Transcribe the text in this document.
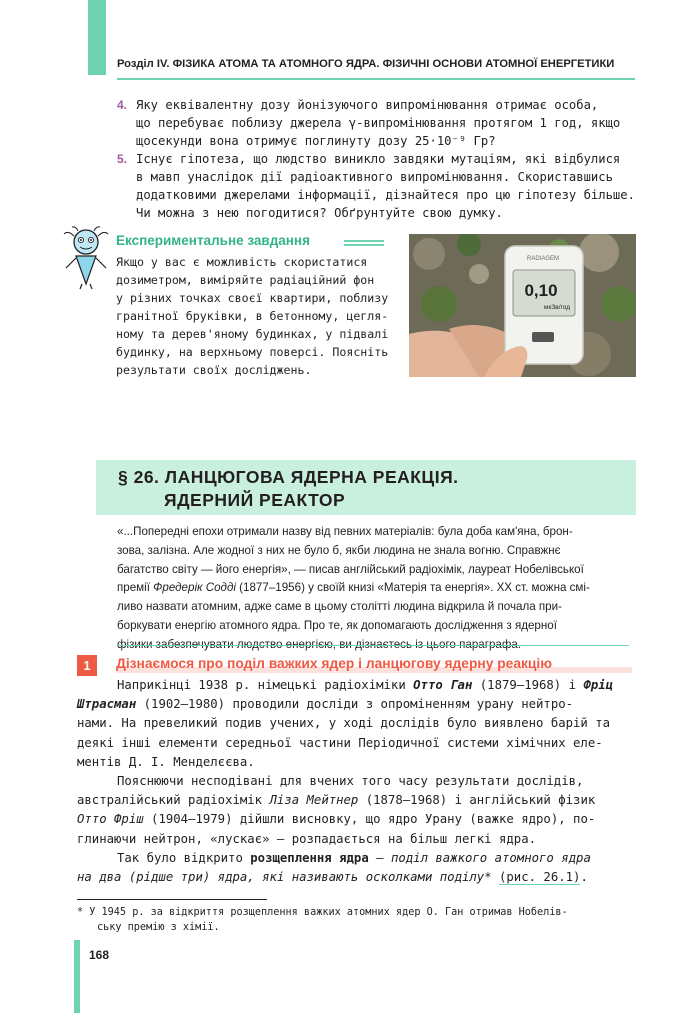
Розділ IV. ФІЗИКА АТОМА ТА АТОМНОГО ЯДРА. ФІЗИЧНІ ОСНОВИ АТОМНОЇ ЕНЕРГЕТИКИ
4. Яку еквівалентну дозу йонізуючого випромінювання отримає особа,
що перебуває поблизу джерела γ-випромінювання протягом 1 год, якщо
щосекунди вона отримує поглинуту дозу 25·10⁻⁹ Гр?
5. Існує гіпотеза, що людство виникло завдяки мутаціям, які відбулися
в мавп унаслідок дії радіоактивного випромінювання. Скориставшись
додатковими джерелами інформації, дізнайтеся про цю гіпотезу більше.
Чи можна з нею погодитися? Обґрунтуйте свою думку.
Експериментальне завдання
Якщо у вас є можливість скористатися
дозиметром, виміряйте радіаційний фон
у різних точках своєї квартири, поблизу
гранітної бруківки, в бетонному, цегля-
ному та дерев'яному будинках, у підвалі
будинку, на верхньому поверсі. Поясніть
результати своїх досліджень.
RADIAGEM
0,10
мкЗв/год
§ 26. ЛАНЦЮГОВА ЯДЕРНА РЕАКЦІЯ.
ЯДЕРНИЙ РЕАКТОР
«...Попередні епохи отримали назву від певних матеріалів: була доба кам'яна, брон-
зова, залізна. Але жодної з них не було б, якби людина не знала вогню. Справжнє
багатство світу — його енергія», — писав англійський радіохімік, лауреат Нобелівської
премії Фредерік Содді (1877–1956) у своїй книзі «Матерія та енергія». XX ст. можна смі-
ливо назвати атомним, адже саме в цьому столітті людина відкрила й почала при-
боркувати енергію атомного ядра. Про те, як допомагають дослідження з ядерної
1	Дізнаємося про поділ важких ядер і ланцюгову ядерну реакцію
Наприкінці 1938 р. німецькі радіохіміки Отто Ган (1879–1968) і Фріц
Штрасман (1902–1980) проводили досліди з опроміненням урану нейтро-
нами. На превеликий подив учених, у ході дослідів було виявлено барій та
деякі інші елементи середньої частини Періодичної системи хімічних еле-
ментів Д. І. Менделєєва.
Пояснюючи несподівані для вчених того часу результати дослідів,
австралійський радіохімік Ліза Мейтнер (1878–1968) і англійський фізик
Отто Фріш (1904–1979) дійшли висновку, що ядро Урану (важке ядро), по-
глинаючи нейтрон, «лускає» — розпадається на більш легкі ядра.
Так було відкрито розщеплення ядра — поділ важкого атомного ядра
на два (рідше три) ядра, які називають осколками поділу* (рис. 26.1).
* У 1945 р. за відкриття розщеплення важких атомних ядер О. Ган отримав Нобелів-
ську премію з хімії.
168
